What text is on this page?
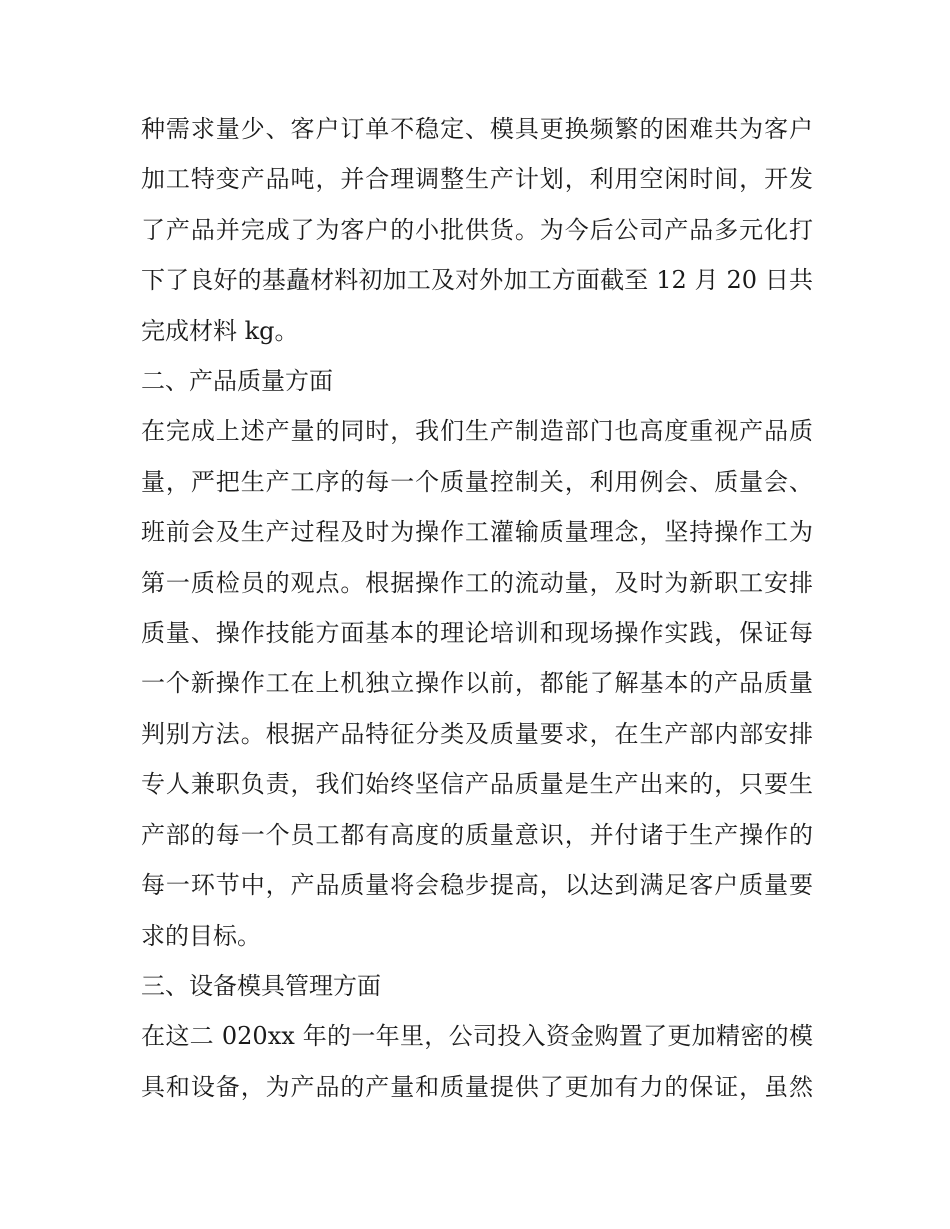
种需求量少、客户订单不稳定、模具更换频繁的困难共为客户
加工特变产品吨，并合理调整生产计划，利用空闲时间，开发
了产品并完成了为客户的小批供货。为今后公司产品多元化打
下了良好的基矗材料初加工及对外加工方面截至 12 月 20 日共
完成材料 kg。
二、产品质量方面
在完成上述产量的同时，我们生产制造部门也高度重视产品质
量，严把生产工序的每一个质量控制关，利用例会、质量会、
班前会及生产过程及时为操作工灌输质量理念，坚持操作工为
第一质检员的观点。根据操作工的流动量，及时为新职工安排
质量、操作技能方面基本的理论培训和现场操作实践，保证每
一个新操作工在上机独立操作以前，都能了解基本的产品质量
判别方法。根据产品特征分类及质量要求，在生产部内部安排
专人兼职负责，我们始终坚信产品质量是生产出来的，只要生
产部的每一个员工都有高度的质量意识，并付诸于生产操作的
每一环节中，产品质量将会稳步提高，以达到满足客户质量要
求的目标。
三、设备模具管理方面
在这二 020xx 年的一年里，公司投入资金购置了更加精密的模
具和设备，为产品的产量和质量提供了更加有力的保证，虽然
